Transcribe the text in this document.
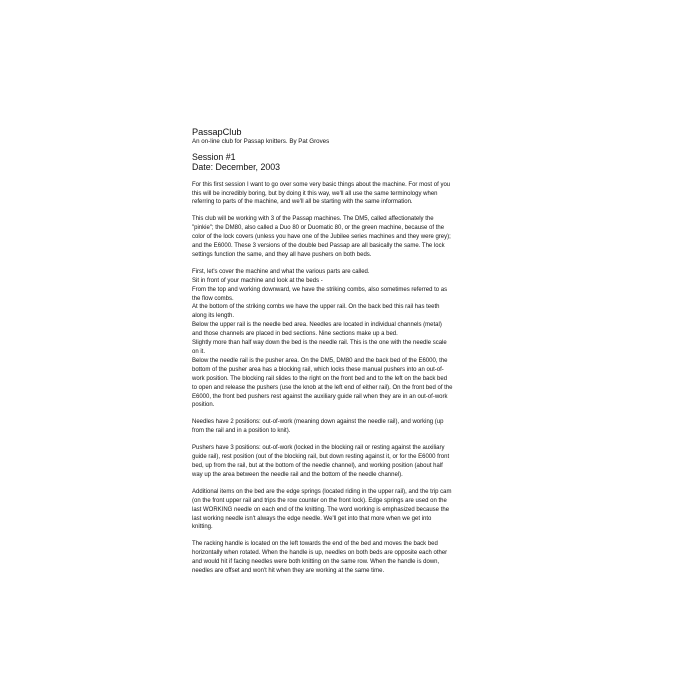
PassapClub

An on-line club for Passap knitters. By Pat Groves

Session #1

Date: December, 2003

For this first session I want to go over some very basic things about the machine. For most of you
this will be incredibly boring, but by doing it this way, we'll all use the same terminology when
referring to parts of the machine, and we'll all be starting with the same information.

This club will be working with 3 of the Passap machines. The DM5, called affectionately the
"pinkie"; the DM80, also called a Duo 80 or Duomatic 80, or the green machine, because of the
color of the lock covers (unless you have one of the Jubilee series machines and they were grey);
and the E6000. These 3 versions of the double bed Passap are all basically the same. The lock
settings function the same, and they all have pushers on both beds.

First, let's cover the machine and what the various parts are called.
Sit in front of your machine and look at the beds -
From the top and working downward, we have the striking combs, also sometimes referred to as
the flow combs.
At the bottom of the striking combs we have the upper rail. On the back bed this rail has teeth
along its length.
Below the upper rail is the needle bed area. Needles are located in individual channels (metal)
and those channels are placed in bed sections. Nine sections make up a bed.
Slightly more than half way down the bed is the needle rail. This is the one with the needle scale
on it.
Below the needle rail is the pusher area. On the DM5, DM80 and the back bed of the E6000, the
bottom of the pusher area has a blocking rail, which locks these manual pushers into an out-of-
work position. The blocking rail slides to the right on the front bed and to the left on the back bed
to open and release the pushers (use the knob at the left end of either rail). On the front bed of the
E6000, the front bed pushers rest against the auxiliary guide rail when they are in an out-of-work
position.

Needles have 2 positions: out-of-work (meaning down against the needle rail), and working (up
from the rail and in a position to knit).

Pushers have 3 positions: out-of-work (locked in the blocking rail or resting against the auxiliary
guide rail), rest position (out of the blocking rail, but down resting against it, or for the E6000 front
bed, up from the rail, but at the bottom of the needle channel), and working position (about half
way up the area between the needle rail and the bottom of the needle channel).

Additional items on the bed are the edge springs (located riding in the upper rail), and the trip cam
(on the front upper rail and trips the row counter on the front lock). Edge springs are used on the
last WORKING needle on each end of the knitting. The word working is emphasized because the
last working needle isn't always the edge needle. We'll get into that more when we get into
knitting.

The racking handle is located on the left towards the end of the bed and moves the back bed
horizontally when rotated. When the handle is up, needles on both beds are opposite each other
and would hit if facing needles were both knitting on the same row. When the handle is down,
needles are offset and won't hit when they are working at the same time.
